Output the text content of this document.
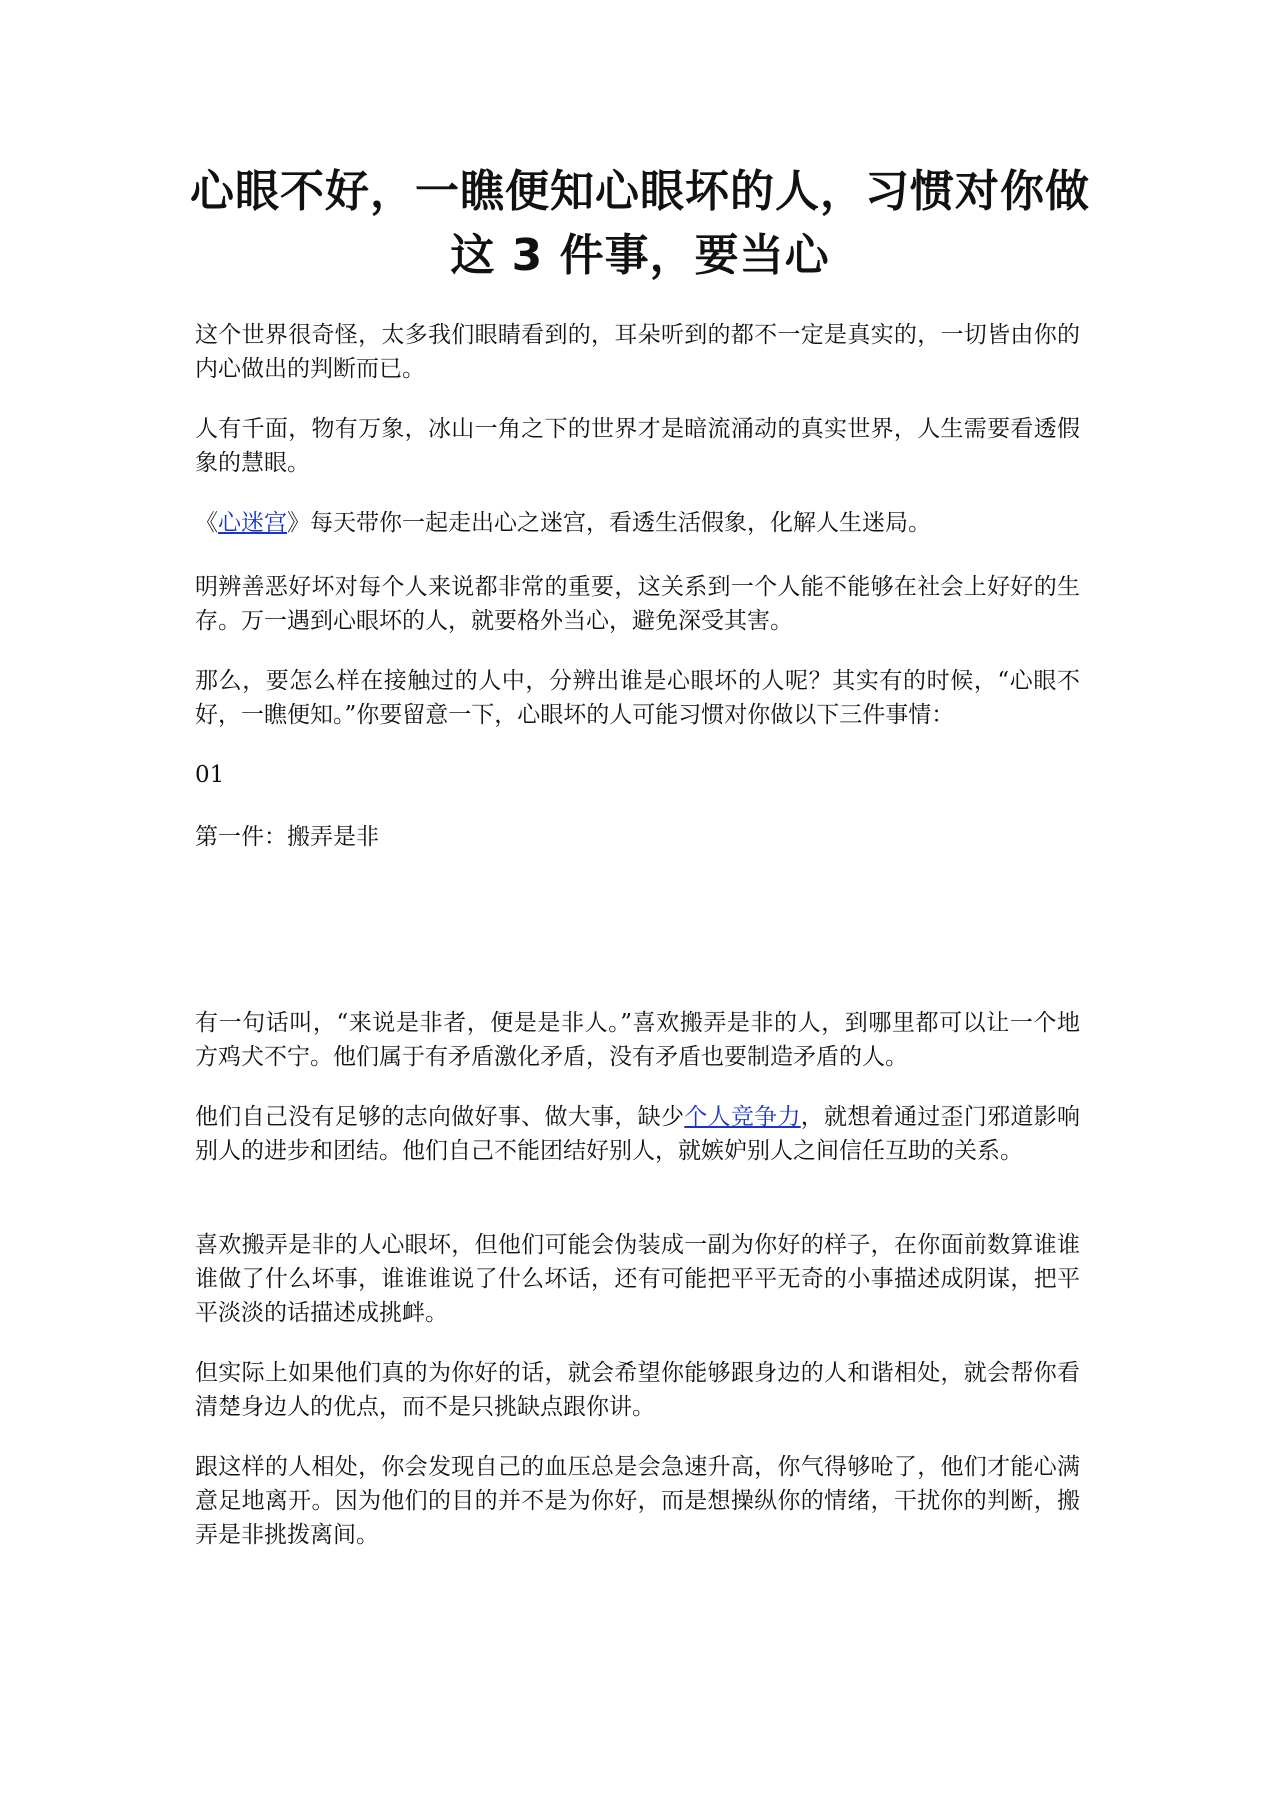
心眼不好，一瞧便知心眼坏的人，习惯对你做这 3 件事，要当心

这个世界很奇怪，太多我们眼睛看到的，耳朵听到的都不一定是真实的，一切皆由你的内心做出的判断而已。

人有千面，物有万象，冰山一角之下的世界才是暗流涌动的真实世界，人生需要看透假象的慧眼。

《心迷宫》每天带你一起走出心之迷宫，看透生活假象，化解人生迷局。

明辨善恶好坏对每个人来说都非常的重要，这关系到一个人能不能够在社会上好好的生存。万一遇到心眼坏的人，就要格外当心，避免深受其害。

那么，要怎么样在接触过的人中，分辨出谁是心眼坏的人呢？其实有的时候，“心眼不好，一瞧便知。”你要留意一下，心眼坏的人可能习惯对你做以下三件事情：

01

第一件：搬弄是非

有一句话叫，“来说是非者，便是是非人。”喜欢搬弄是非的人，到哪里都可以让一个地方鸡犬不宁。他们属于有矛盾激化矛盾，没有矛盾也要制造矛盾的人。

他们自己没有足够的志向做好事、做大事，缺少个人竞争力，就想着通过歪门邪道影响别人的进步和团结。他们自己不能团结好别人，就嫉妒别人之间信任互助的关系。

喜欢搬弄是非的人心眼坏，但他们可能会伪装成一副为你好的样子，在你面前数算谁谁谁做了什么坏事，谁谁谁说了什么坏话，还有可能把平平无奇的小事描述成阴谋，把平平淡淡的话描述成挑衅。

但实际上如果他们真的为你好的话，就会希望你能够跟身边的人和谐相处，就会帮你看清楚身边人的优点，而不是只挑缺点跟你讲。

跟这样的人相处，你会发现自己的血压总是会急速升高，你气得够呛了，他们才能心满意足地离开。因为他们的目的并不是为你好，而是想操纵你的情绪，干扰你的判断，搬弄是非挑拨离间。
